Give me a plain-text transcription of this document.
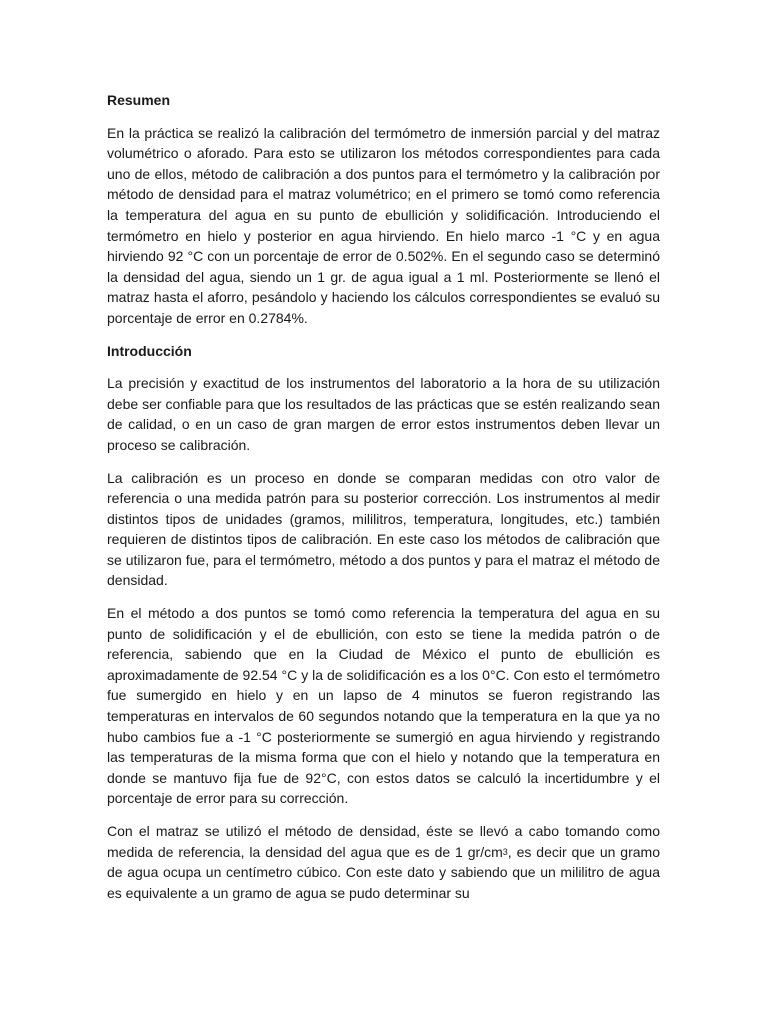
Resumen

En la práctica se realizó la calibración del termómetro de inmersión parcial y del matraz volumétrico o aforado. Para esto se utilizaron los métodos correspondientes para cada uno de ellos, método de calibración a dos puntos para el termómetro y la calibración por método de densidad para el matraz volumétrico; en el primero se tomó como referencia la temperatura del agua en su punto de ebullición y solidificación. Introduciendo el termómetro en hielo y posterior en agua hirviendo. En hielo marco -1 °C y en agua hirviendo 92 °C con un porcentaje de error de 0.502%. En el segundo caso se determinó la densidad del agua, siendo un 1 gr. de agua igual a 1 ml. Posteriormente se llenó el matraz hasta el aforro, pesándolo y haciendo los cálculos correspondientes se evaluó su porcentaje de error en 0.2784%.

Introducción

La precisión y exactitud de los instrumentos del laboratorio a la hora de su utilización debe ser confiable para que los resultados de las prácticas que se estén realizando sean de calidad, o en un caso de gran margen de error estos instrumentos deben llevar un proceso se calibración.

La calibración es un proceso en donde se comparan medidas con otro valor de referencia o una medida patrón para su posterior corrección. Los instrumentos al medir distintos tipos de unidades (gramos, mililitros, temperatura, longitudes, etc.) también requieren de distintos tipos de calibración. En este caso los métodos de calibración que se utilizaron fue, para el termómetro, método a dos puntos y para el matraz el método de densidad.

En el método a dos puntos se tomó como referencia la temperatura del agua en su punto de solidificación y el de ebullición, con esto se tiene la medida patrón o de referencia, sabiendo que en la Ciudad de México el punto de ebullición es aproximadamente de 92.54 °C y la de solidificación es a los 0°C. Con esto el termómetro fue sumergido en hielo y en un lapso de 4 minutos se fueron registrando las temperaturas en intervalos de 60 segundos notando que la temperatura en la que ya no hubo cambios fue a -1 °C posteriormente se sumergió en agua hirviendo y registrando las temperaturas de la misma forma que con el hielo y notando que la temperatura en donde se mantuvo fija fue de 92°C, con estos datos se calculó la incertidumbre y el porcentaje de error para su corrección.

Con el matraz se utilizó el método de densidad, éste se llevó a cabo tomando como medida de referencia, la densidad del agua que es de 1 $gr/cm^3$, es decir que un gramo de agua ocupa un centímetro cúbico. Con este dato y sabiendo que un mililitro de agua es equivalente a un gramo de agua se pudo determinar su
